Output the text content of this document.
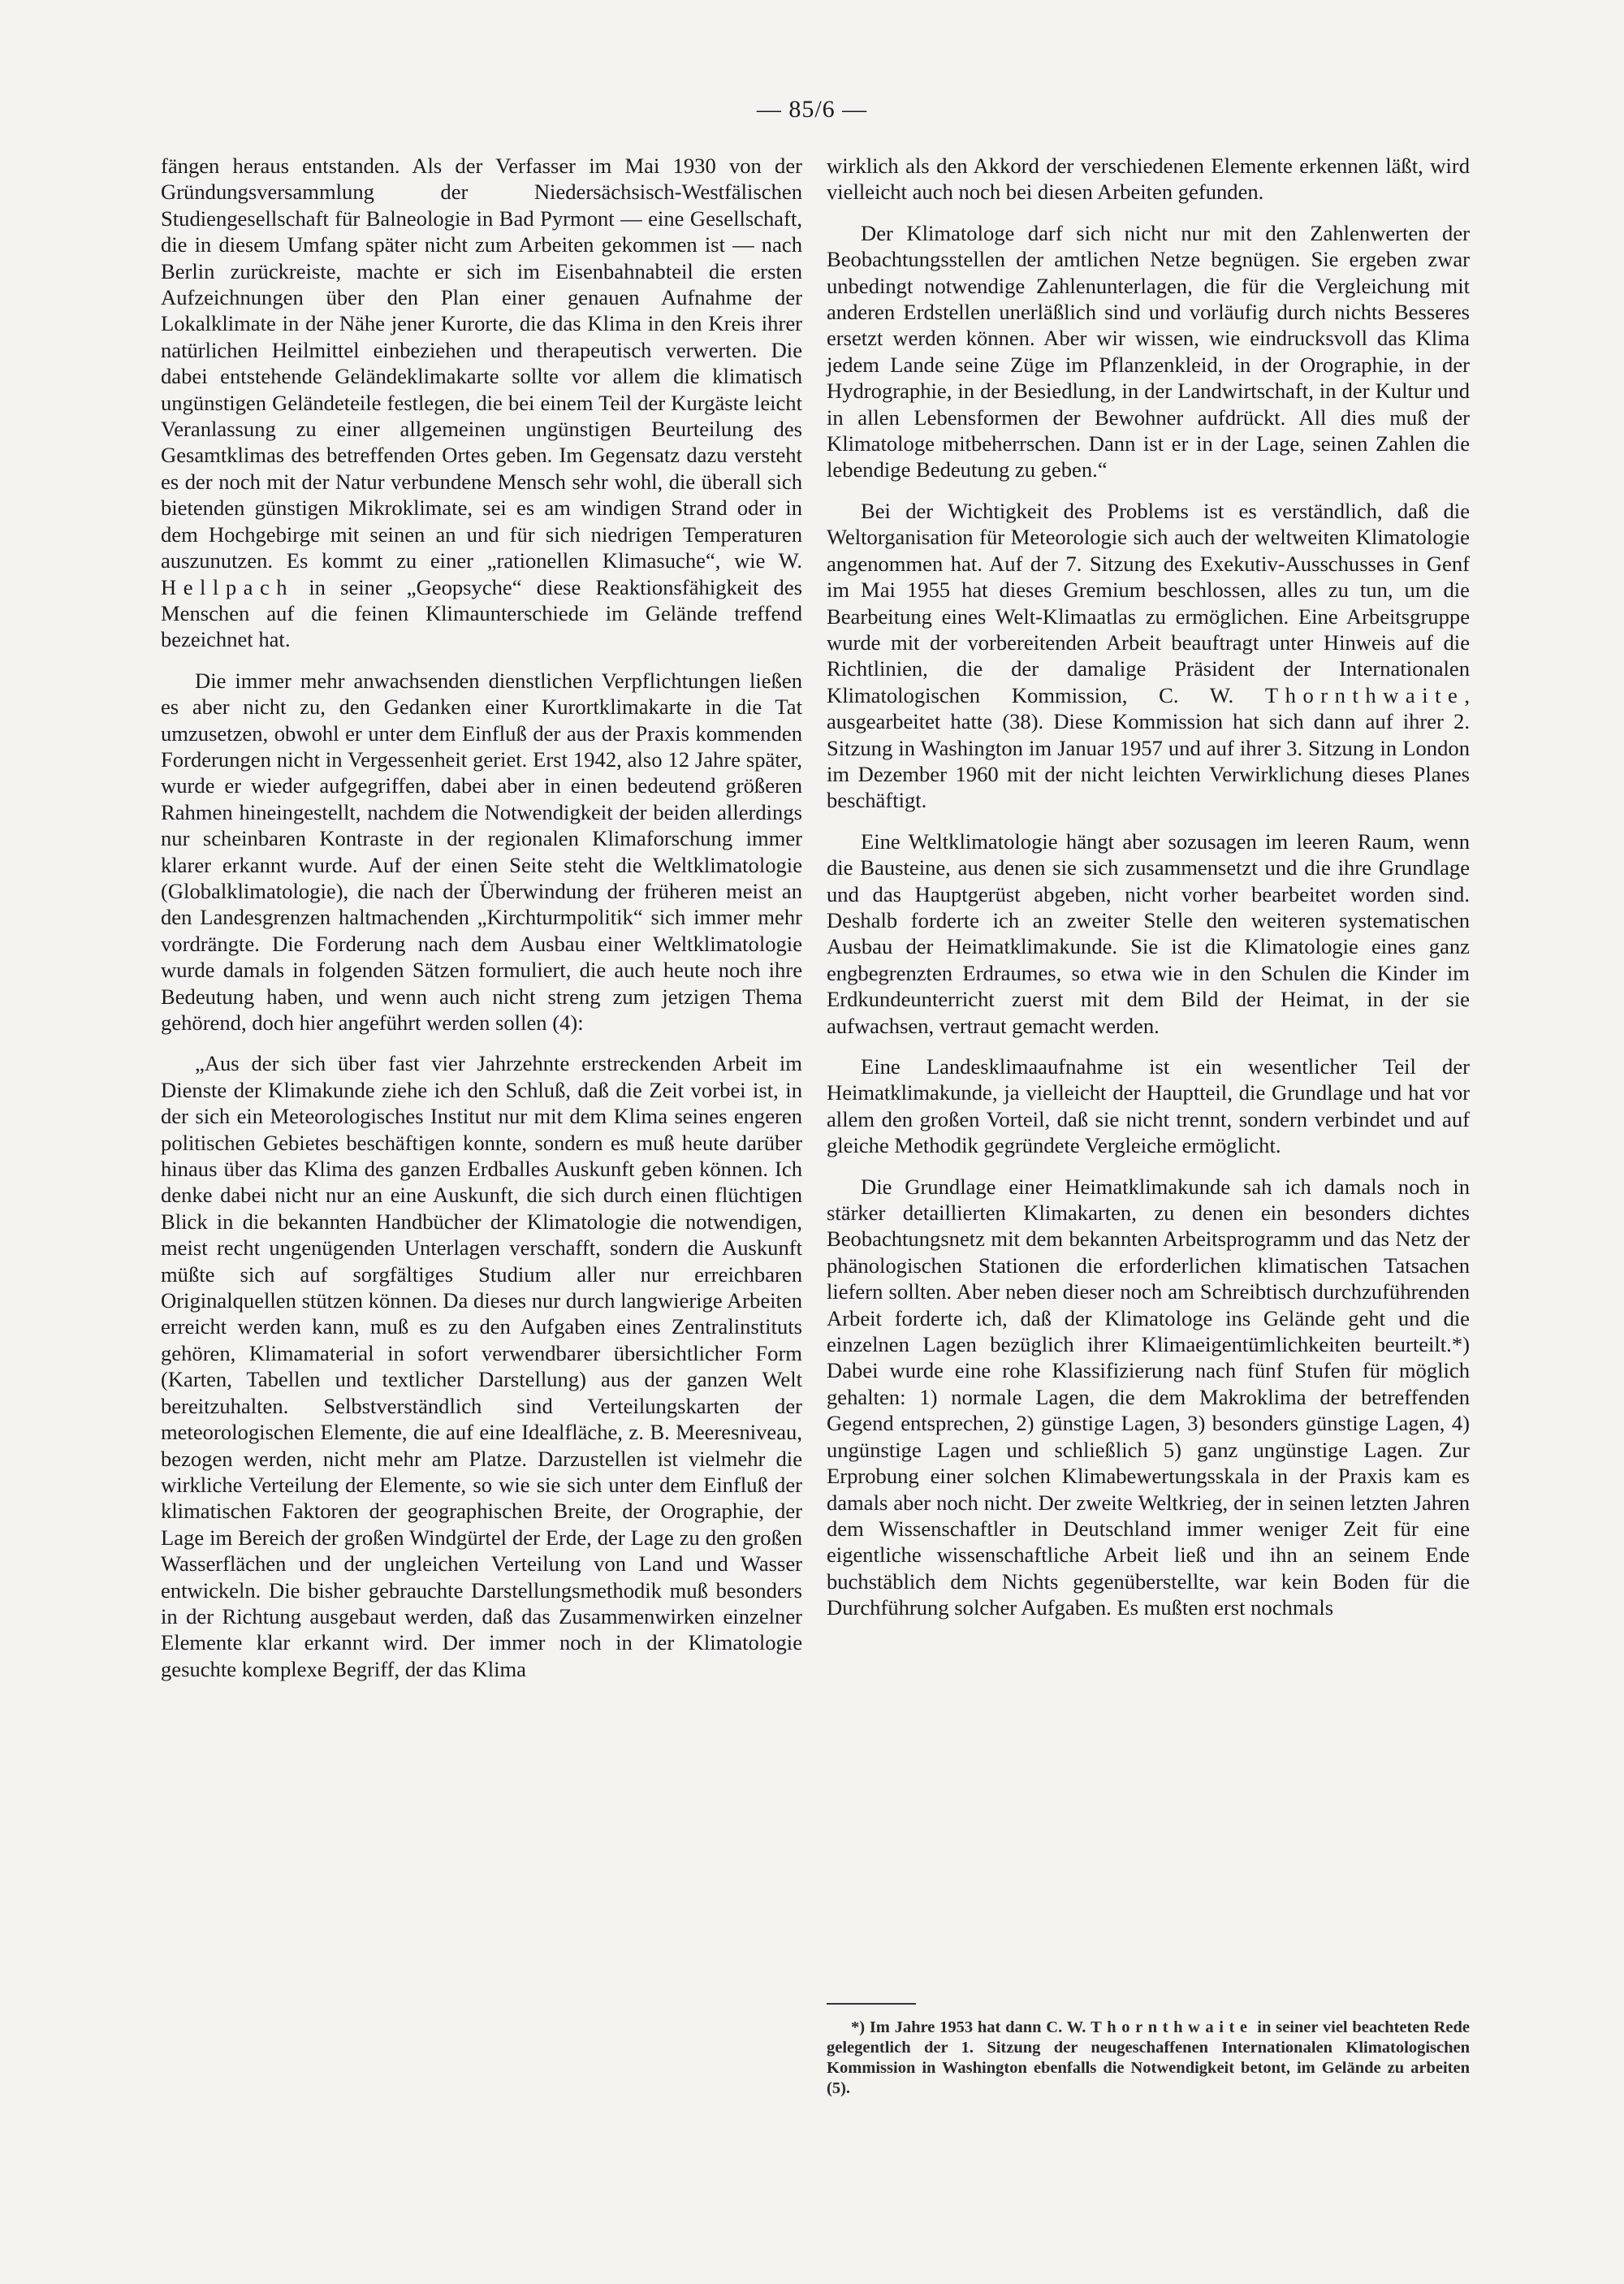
— 85/6 —

fängen heraus entstanden. Als der Verfasser im Mai 1930 von der Gründungsversammlung der Niedersächsisch-Westfälischen Studiengesellschaft für Balneologie in Bad Pyrmont — eine Gesellschaft, die in diesem Umfang später nicht zum Arbeiten gekommen ist — nach Berlin zurückreiste, machte er sich im Eisenbahnabteil die ersten Aufzeichnungen über den Plan einer genauen Aufnahme der Lokalklimate in der Nähe jener Kurorte, die das Klima in den Kreis ihrer natürlichen Heilmittel einbeziehen und therapeutisch verwerten. Die dabei entstehende Geländeklimakarte sollte vor allem die klimatisch ungünstigen Geländeteile festlegen, die bei einem Teil der Kurgäste leicht Veranlassung zu einer allgemeinen ungünstigen Beurteilung des Gesamtklimas des betreffenden Ortes geben. Im Gegensatz dazu versteht es der noch mit der Natur verbundene Mensch sehr wohl, die überall sich bietenden günstigen Mikroklimate, sei es am windigen Strand oder in dem Hochgebirge mit seinen an und für sich niedrigen Temperaturen auszunutzen. Es kommt zu einer „rationellen Klimasuche“, wie W. Hellpach in seiner „Geopsyche“ diese Reaktionsfähigkeit des Menschen auf die feinen Klimaunterschiede im Gelände treffend bezeichnet hat.

Die immer mehr anwachsenden dienstlichen Verpflichtungen ließen es aber nicht zu, den Gedanken einer Kurortklimakarte in die Tat umzusetzen, obwohl er unter dem Einfluß der aus der Praxis kommenden Forderungen nicht in Vergessenheit geriet. Erst 1942, also 12 Jahre später, wurde er wieder aufgegriffen, dabei aber in einen bedeutend größeren Rahmen hineingestellt, nachdem die Notwendigkeit der beiden allerdings nur scheinbaren Kontraste in der regionalen Klimaforschung immer klarer erkannt wurde. Auf der einen Seite steht die Weltklimatologie (Globalklimatologie), die nach der Überwindung der früheren meist an den Landesgrenzen haltmachenden „Kirchturmpolitik“ sich immer mehr vordrängte. Die Forderung nach dem Ausbau einer Weltklimatologie wurde damals in folgenden Sätzen formuliert, die auch heute noch ihre Bedeutung haben, und wenn auch nicht streng zum jetzigen Thema gehörend, doch hier angeführt werden sollen (4):

„Aus der sich über fast vier Jahrzehnte erstreckenden Arbeit im Dienste der Klimakunde ziehe ich den Schluß, daß die Zeit vorbei ist, in der sich ein Meteorologisches Institut nur mit dem Klima seines engeren politischen Gebietes beschäftigen konnte, sondern es muß heute darüber hinaus über das Klima des ganzen Erdballes Auskunft geben können. Ich denke dabei nicht nur an eine Auskunft, die sich durch einen flüchtigen Blick in die bekannten Handbücher der Klimatologie die notwendigen, meist recht ungenügenden Unterlagen verschafft, sondern die Auskunft müßte sich auf sorgfältiges Studium aller nur erreichbaren Originalquellen stützen können. Da dieses nur durch langwierige Arbeiten erreicht werden kann, muß es zu den Aufgaben eines Zentralinstituts gehören, Klimamaterial in sofort verwendbarer übersichtlicher Form (Karten, Tabellen und textlicher Darstellung) aus der ganzen Welt bereitzuhalten. Selbstverständlich sind Verteilungskarten der meteorologischen Elemente, die auf eine Idealfläche, z. B. Meeresniveau, bezogen werden, nicht mehr am Platze. Darzustellen ist vielmehr die wirkliche Verteilung der Elemente, so wie sie sich unter dem Einfluß der klimatischen Faktoren der geographischen Breite, der Orographie, der Lage im Bereich der großen Windgürtel der Erde, der Lage zu den großen Wasserflächen und der ungleichen Verteilung von Land und Wasser entwickeln. Die bisher gebrauchte Darstellungsmethodik muß besonders in der Richtung ausgebaut werden, daß das Zusammenwirken einzelner Elemente klar erkannt wird. Der immer noch in der Klimatologie gesuchte komplexe Begriff, der das Klima

wirklich als den Akkord der verschiedenen Elemente erkennen läßt, wird vielleicht auch noch bei diesen Arbeiten gefunden.

Der Klimatologe darf sich nicht nur mit den Zahlenwerten der Beobachtungsstellen der amtlichen Netze begnügen. Sie ergeben zwar unbedingt notwendige Zahlenunterlagen, die für die Vergleichung mit anderen Erdstellen unerläßlich sind und vorläufig durch nichts Besseres ersetzt werden können. Aber wir wissen, wie eindrucksvoll das Klima jedem Lande seine Züge im Pflanzenkleid, in der Orographie, in der Hydrographie, in der Besiedlung, in der Landwirtschaft, in der Kultur und in allen Lebensformen der Bewohner aufdrückt. All dies muß der Klimatologe mitbeherrschen. Dann ist er in der Lage, seinen Zahlen die lebendige Bedeutung zu geben.“

Bei der Wichtigkeit des Problems ist es verständlich, daß die Weltorganisation für Meteorologie sich auch der weltweiten Klimatologie angenommen hat. Auf der 7. Sitzung des Exekutiv-Ausschusses in Genf im Mai 1955 hat dieses Gremium beschlossen, alles zu tun, um die Bearbeitung eines Welt-Klimaatlas zu ermöglichen. Eine Arbeitsgruppe wurde mit der vorbereitenden Arbeit beauftragt unter Hinweis auf die Richtlinien, die der damalige Präsident der Internationalen Klimatologischen Kommission, C. W. Thornthwaite, ausgearbeitet hatte (38). Diese Kommission hat sich dann auf ihrer 2. Sitzung in Washington im Januar 1957 und auf ihrer 3. Sitzung in London im Dezember 1960 mit der nicht leichten Verwirklichung dieses Planes beschäftigt.

Eine Weltklimatologie hängt aber sozusagen im leeren Raum, wenn die Bausteine, aus denen sie sich zusammensetzt und die ihre Grundlage und das Hauptgerüst abgeben, nicht vorher bearbeitet worden sind. Deshalb forderte ich an zweiter Stelle den weiteren systematischen Ausbau der Heimatklimakunde. Sie ist die Klimatologie eines ganz engbegrenzten Erdraumes, so etwa wie in den Schulen die Kinder im Erdkundeunterricht zuerst mit dem Bild der Heimat, in der sie aufwachsen, vertraut gemacht werden.

Eine Landesklimaaufnahme ist ein wesentlicher Teil der Heimatklimakunde, ja vielleicht der Hauptteil, die Grundlage und hat vor allem den großen Vorteil, daß sie nicht trennt, sondern verbindet und auf gleiche Methodik gegründete Vergleiche ermöglicht.

Die Grundlage einer Heimatklimakunde sah ich damals noch in stärker detaillierten Klimakarten, zu denen ein besonders dichtes Beobachtungsnetz mit dem bekannten Arbeitsprogramm und das Netz der phänologischen Stationen die erforderlichen klimatischen Tatsachen liefern sollten. Aber neben dieser noch am Schreibtisch durchzuführenden Arbeit forderte ich, daß der Klimatologe ins Gelände geht und die einzelnen Lagen bezüglich ihrer Klimaeigentümlichkeiten beurteilt.*) Dabei wurde eine rohe Klassifizierung nach fünf Stufen für möglich gehalten: 1) normale Lagen, die dem Makroklima der betreffenden Gegend entsprechen, 2) günstige Lagen, 3) besonders günstige Lagen, 4) ungünstige Lagen und schließlich 5) ganz ungünstige Lagen. Zur Erprobung einer solchen Klimabewertungsskala in der Praxis kam es damals aber noch nicht. Der zweite Weltkrieg, der in seinen letzten Jahren dem Wissenschaftler in Deutschland immer weniger Zeit für eine eigentliche wissenschaftliche Arbeit ließ und ihn an seinem Ende buchstäblich dem Nichts gegenüberstellte, war kein Boden für die Durchführung solcher Aufgaben. Es mußten erst nochmals

*) Im Jahre 1953 hat dann C. W. Thornthwaite in seiner viel beachteten Rede gelegentlich der 1. Sitzung der neugeschaffenen Internationalen Klimatologischen Kommission in Washington ebenfalls die Notwendigkeit betont, im Gelände zu arbeiten (5).
